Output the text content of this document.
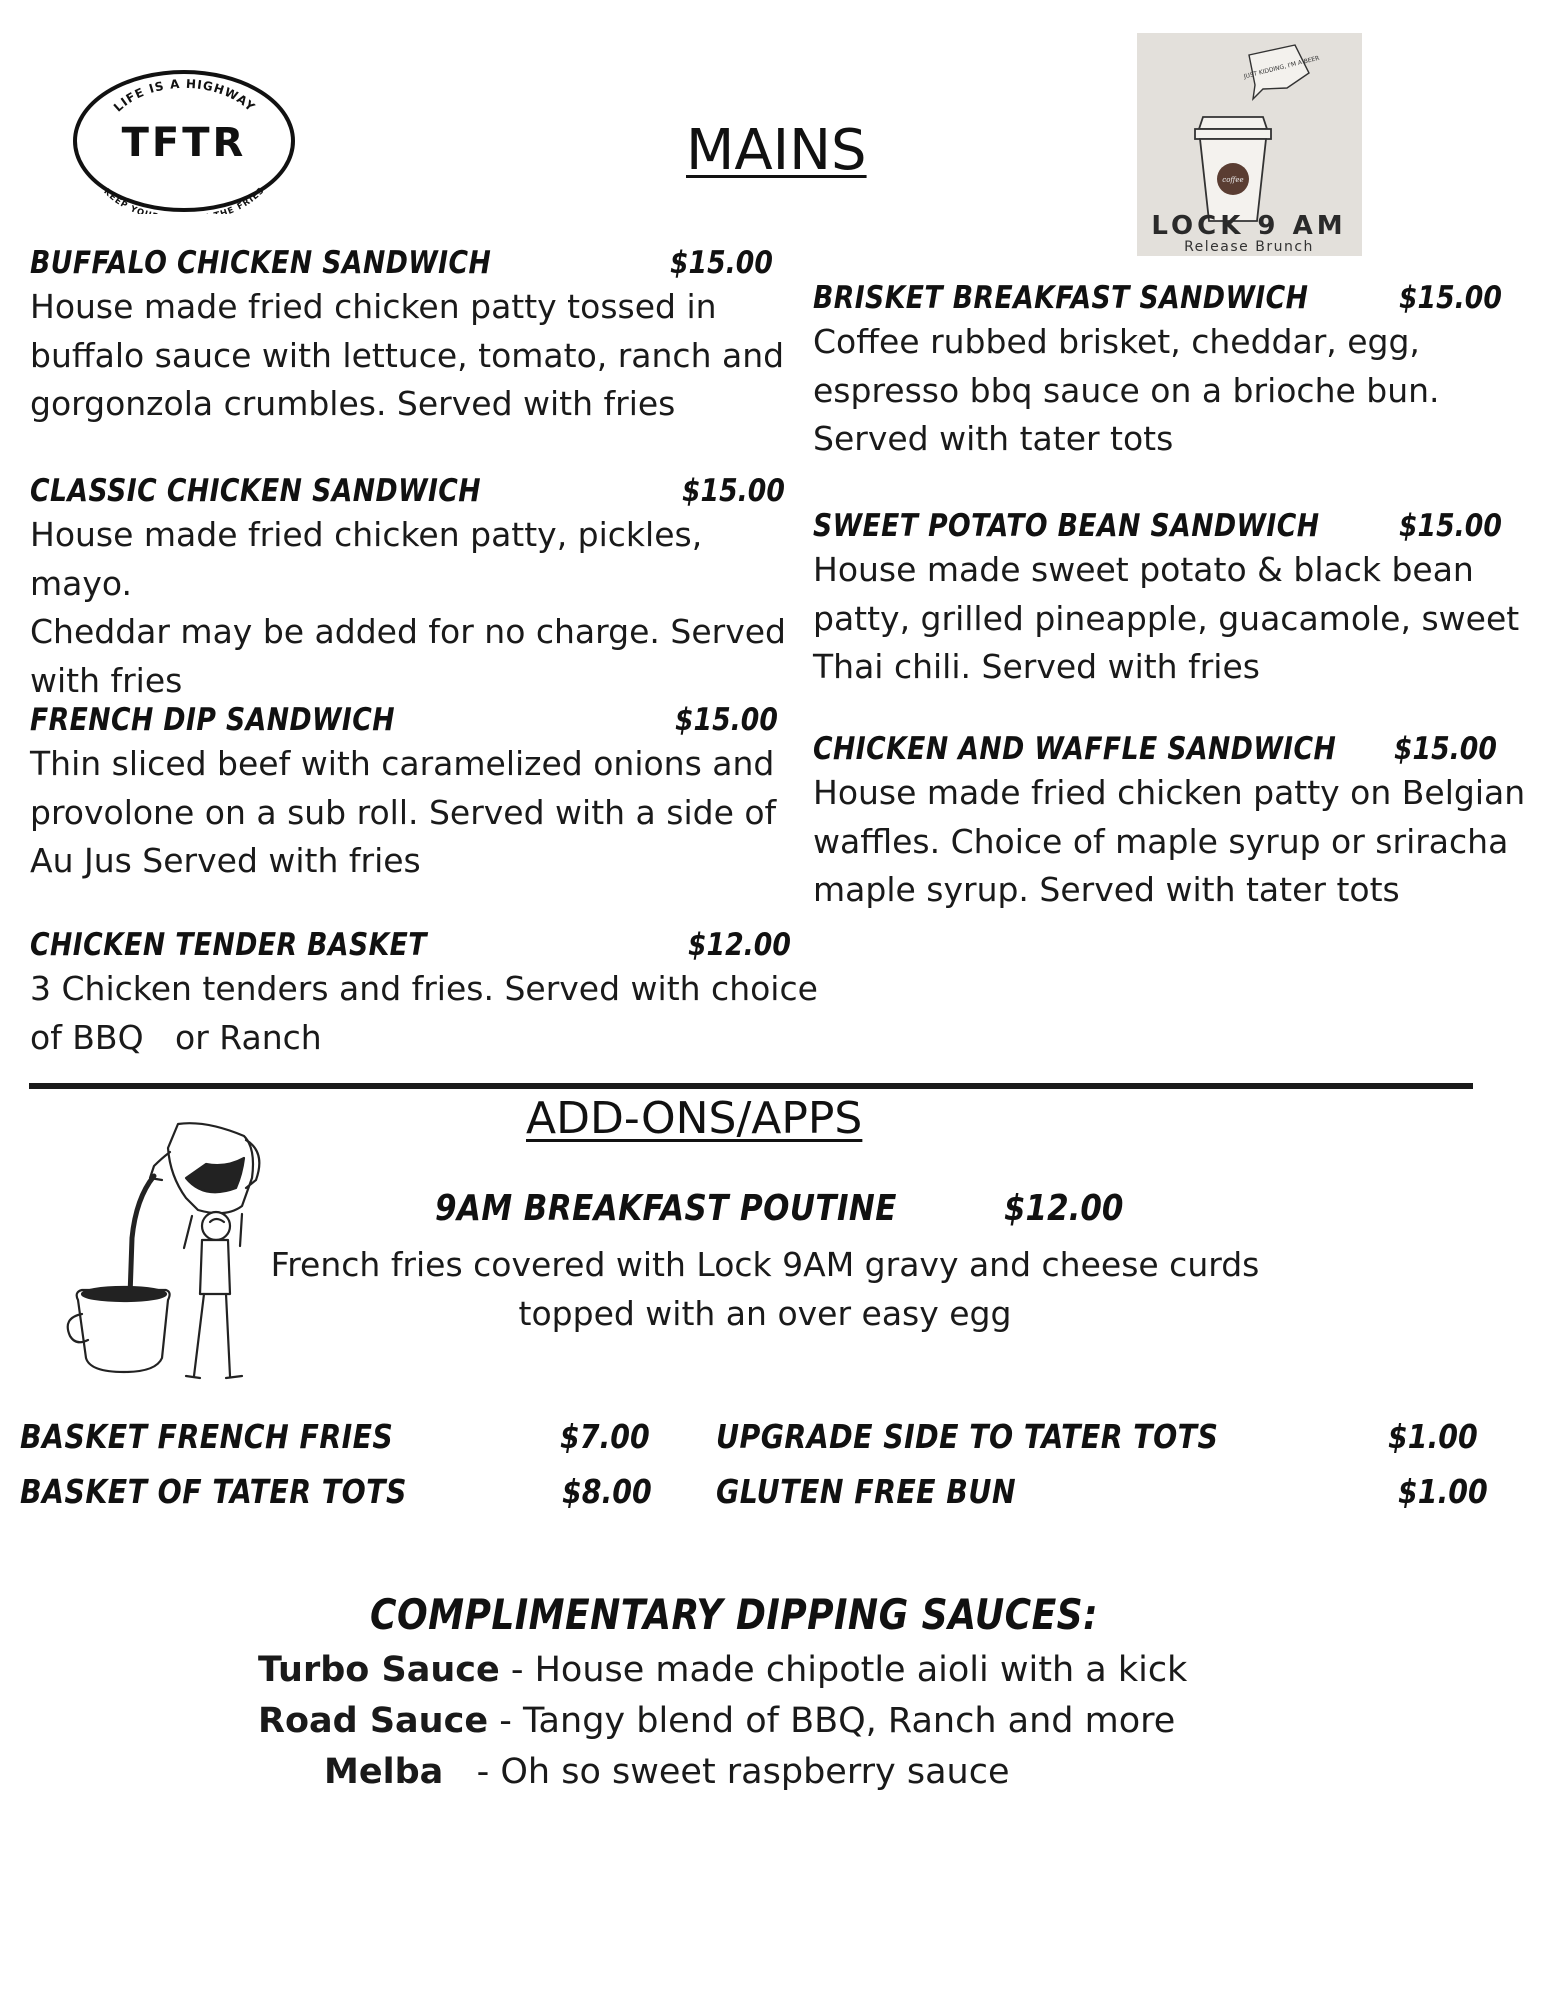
LIFE IS A HIGHWAY
KEEP YO HE FRIES
TFTR
JUST KIDDING, I'M A BEER
coffee
LOCK 9 AM
Release Brunch
MAINS
BUFFALO CHICKEN SANDWICH	$15.00
House made fried chicken patty tossed in
buffalo sauce with lettuce, tomato, ranch and
gorgonzola crumbles. Served with fries
CLASSIC CHICKEN SANDWICH	$15.00
House made fried chicken patty, pickles, mayo.
Cheddar may be added for no charge. Served
with fries
FRENCH DIP SANDWICH	$15.00
Thin sliced beef with caramelized onions and
provolone on a sub roll. Served with a side of
Au Jus Served with fries
CHICKEN TENDER BASKET	$12.00
3 Chicken tenders and fries. Served with choice
of BBQ   or Ranch
BRISKET BREAKFAST SANDWICH	$15.00
Coffee rubbed brisket, cheddar, egg,
espresso bbq sauce on a brioche bun.
Served with tater tots
SWEET POTATO BEAN SANDWICH	$15.00
House made sweet potato & black bean
patty, grilled pineapple, guacamole, sweet
Thai chili. Served with fries
CHICKEN AND WAFFLE SANDWICH	$15.00
House made fried chicken patty on Belgian
waffles. Choice of maple syrup or sriracha
maple syrup. Served with tater tots
ADD-ONS/APPS
9AM BREAKFAST POUTINE	$12.00
French fries covered with Lock 9AM gravy and cheese curds
topped with an over easy egg
BASKET FRENCH FRIES	$7.00
BASKET OF TATER TOTS	$8.00
UPGRADE SIDE TO TATER TOTS	$1.00
GLUTEN FREE BUN	$1.00
COMPLIMENTARY DIPPING SAUCES:
Turbo Sauce - House made chipotle aioli with a kick
Road Sauce - Tangy blend of BBQ, Ranch and more
Melba   - Oh so sweet raspberry sauce
